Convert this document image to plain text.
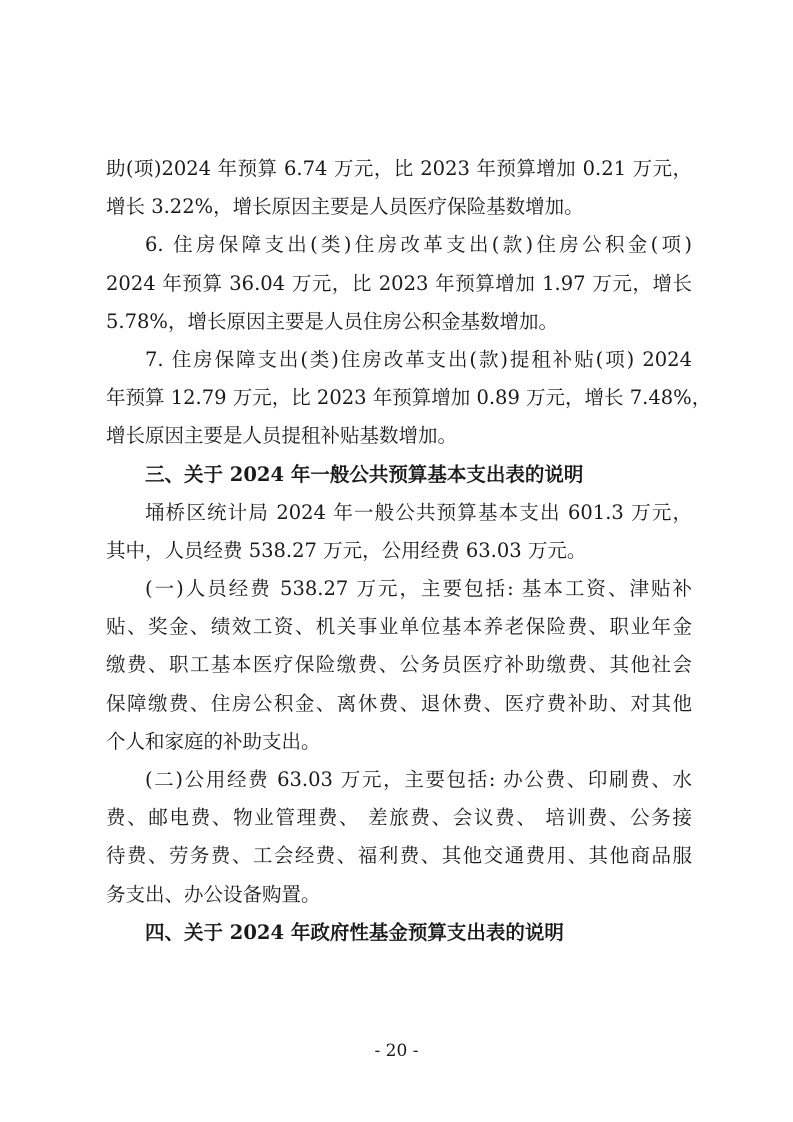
助(项)2024 年预算 6.74 万元，比 2023 年预算增加 0.21 万元，
增长 3.22%，增长原因主要是人员医疗保险基数增加。
6. 住房保障支出(类)住房改革支出(款)住房公积金(项)
2024 年预算 36.04 万元，比 2023 年预算增加 1.97 万元，增长
5.78%，增长原因主要是人员住房公积金基数增加。
7. 住房保障支出(类)住房改革支出(款)提租补贴(项) 2024
年预算 12.79 万元，比 2023 年预算增加 0.89 万元，增长 7.48%，
增长原因主要是人员提租补贴基数增加。
三、关于 2024 年一般公共预算基本支出表的说明
埇桥区统计局 2024 年一般公共预算基本支出 601.3 万元，
其中，人员经费 538.27 万元，公用经费 63.03 万元。
(一)人员经费 538.27 万元，主要包括: 基本工资、津贴补
贴、奖金、绩效工资、机关事业单位基本养老保险费、职业年金
缴费、职工基本医疗保险缴费、公务员医疗补助缴费、其他社会
保障缴费、住房公积金、离休费、退休费、医疗费补助、对其他
个人和家庭的补助支出。
(二)公用经费 63.03 万元，主要包括: 办公费、印刷费、水
费、邮电费、物业管理费、 差旅费、会议费、 培训费、公务接
待费、劳务费、工会经费、福利费、其他交通费用、其他商品服
务支出、办公设备购置。
四、关于 2024 年政府性基金预算支出表的说明
- 20 -
